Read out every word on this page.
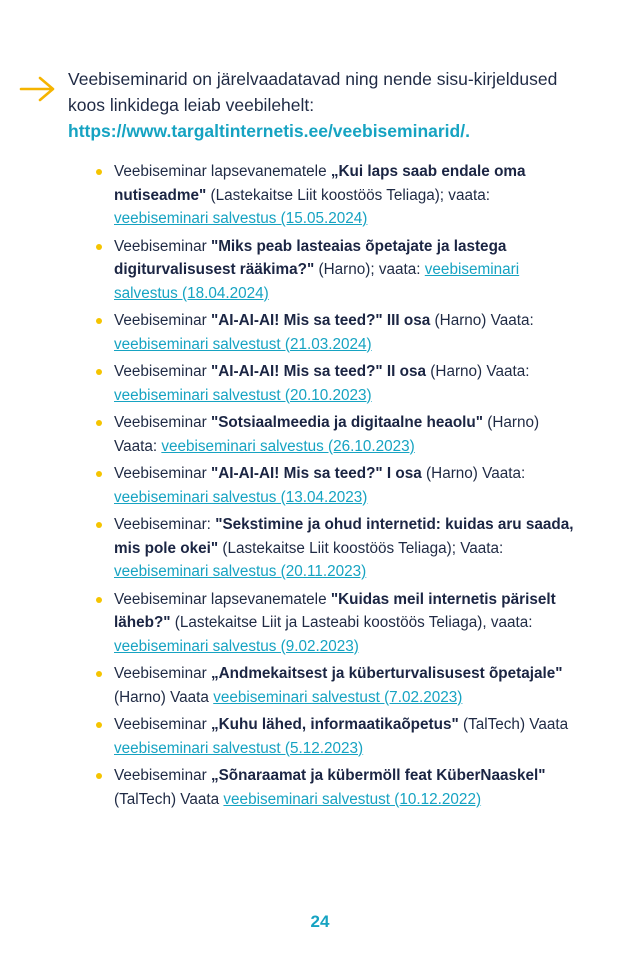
Veebiseminarid on järelvaadatavad ning nende sisu-kirjeldused koos linkidega leiab veebilehelt: https://www.targaltinternetis.ee/veebiseminarid/.
Veebiseminar lapsevanematele „Kui laps saab endale oma nutiseadme" (Lastekaitse Liit koostöös Teliaga); vaata: veebiseminari salvestus (15.05.2024)
Veebiseminar "Miks peab lasteaias õpetajate ja lastega digiturvalisusest rääkima?" (Harno); vaata: veebiseminari salvestus (18.04.2024)
Veebiseminar "AI-AI-AI! Mis sa teed?" III osa (Harno) Vaata: veebiseminari salvestust (21.03.2024)
Veebiseminar "AI-AI-AI! Mis sa teed?" II osa (Harno) Vaata: veebiseminari salvestust (20.10.2023)
Veebiseminar "Sotsiaalmeedia ja digitaalne heaolu" (Harno) Vaata: veebiseminari salvestus (26.10.2023)
Veebiseminar "AI-AI-AI! Mis sa teed?" I osa (Harno) Vaata: veebiseminari salvestus (13.04.2023)
Veebiseminar: "Sekstimine ja ohud internetid: kuidas aru saada, mis pole okei" (Lastekaitse Liit koostöös Teliaga); Vaata: veebiseminari salvestus (20.11.2023)
Veebiseminar lapsevanematele "Kuidas meil internetis päriselt läheb?" (Lastekaitse Liit ja Lasteabi koostöös Teliaga), vaata: veebiseminari salvestus (9.02.2023)
Veebiseminar „Andmekaitsest ja küberturvalisusest õpetajale" (Harno) Vaata veebiseminari salvestust (7.02.2023)
Veebiseminar „Kuhu lähed, informaatikaõpetus" (TalTech) Vaata veebiseminari salvestust (5.12.2023)
Veebiseminar „Sõnaraamat ja kübermöll feat KüberNaaskel" (TalTech) Vaata veebiseminari salvestust (10.12.2022)
24
